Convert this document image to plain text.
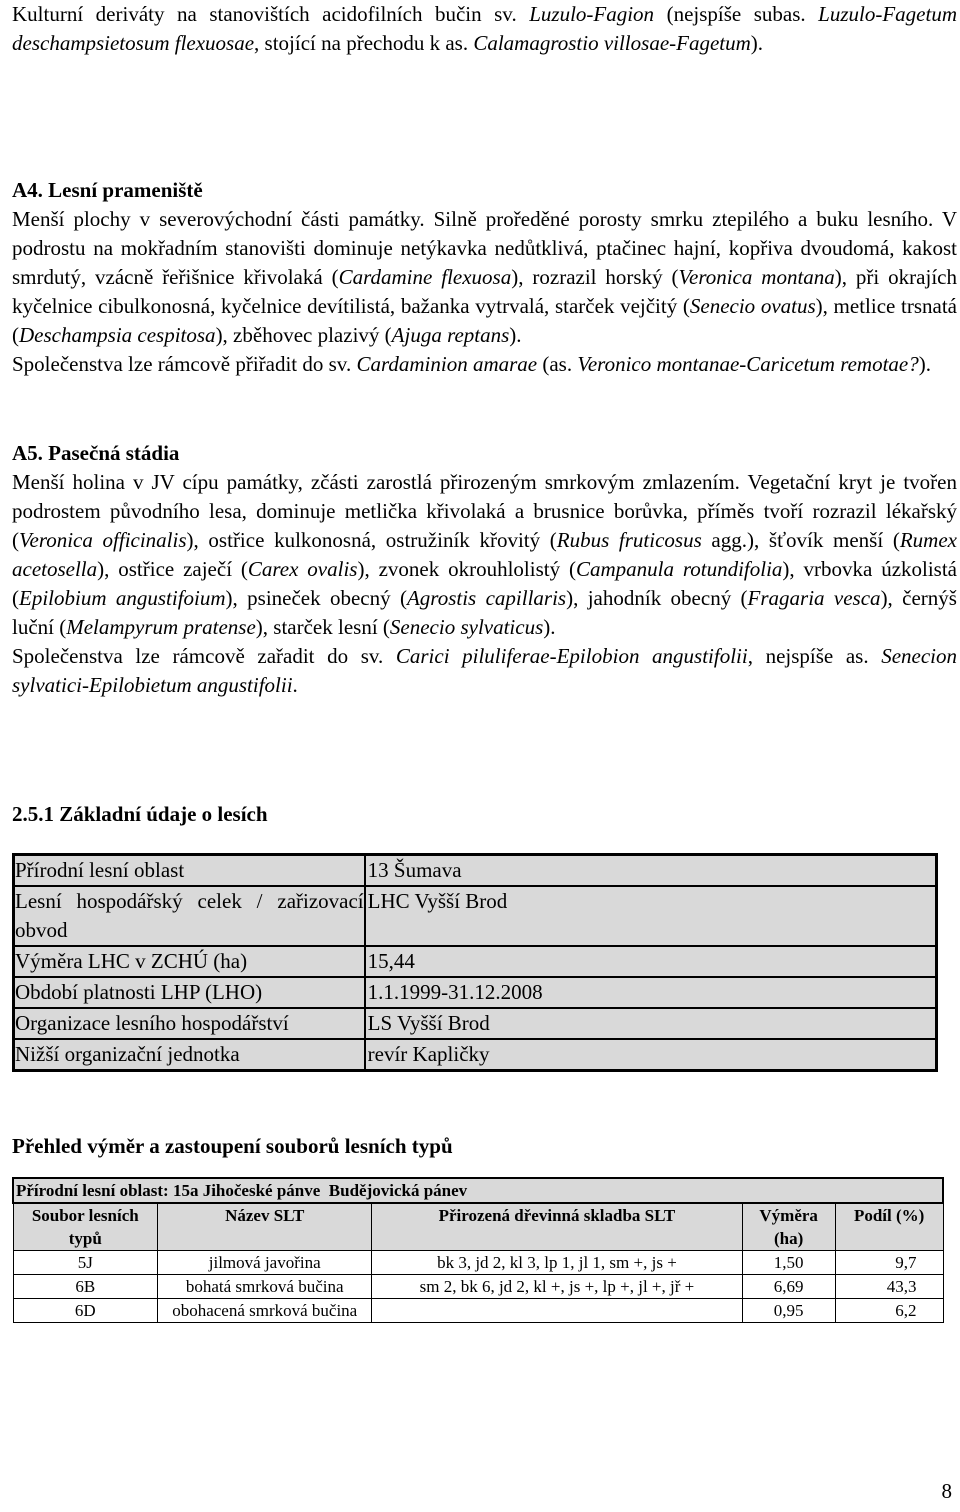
Kulturní deriváty na stanovištích acidofilních bučin sv. Luzulo-Fagion (nejspíše subas. Luzulo-Fagetum deschampsietosum flexuosae, stojící na přechodu k as. Calamagrostio villosae-Fagetum).

A4. Lesní prameniště

Menší plochy v severovýchodní části památky. Silně proředěné porosty smrku ztepilého a buku lesního. V podrostu na mokřadním stanovišti dominuje netýkavka nedůtklivá, ptačinec hajní, kopřiva dvoudomá, kakost smrdutý, vzácně řeřišnice křivolaká (Cardamine flexuosa), rozrazil horský (Veronica montana), při okrajích kyčelnice cibulkonosná, kyčelnice devítilistá, bažanka vytrvalá, starček vejčitý (Senecio ovatus), metlice trsnatá (Deschampsia cespitosa), zběhovec plazivý (Ajuga reptans).

Společenstva lze rámcově přiřadit do sv. Cardaminion amarae (as. Veronico montanae-Caricetum remotae?).

A5. Pasečná stádia

Menší holina v JV cípu památky, zčásti zarostlá přirozeným smrkovým zmlazením. Vegetační kryt je tvořen podrostem původního lesa, dominuje metlička křivolaká a brusnice borůvka, příměs tvoří rozrazil lékařský (Veronica officinalis), ostřice kulkonosná, ostružiník křovitý (Rubus fruticosus agg.), šťovík menší (Rumex acetosella), ostřice zaječí (Carex ovalis), zvonek okrouhlolistý (Campanula rotundifolia), vrbovka úzkolistá (Epilobium angustifoium), psineček obecný (Agrostis capillaris), jahodník obecný (Fragaria vesca), černýš luční (Melampyrum pratense), starček lesní (Senecio sylvaticus).

Společenstva lze rámcově zařadit do sv. Carici piluliferae-Epilobion angustifolii, nejspíše as. Senecion sylvatici-Epilobietum angustifolii.

2.5.1 Základní údaje o lesích

Přírodní lesní oblast	13 Šumava
Lesní hospodářský celek / zařizovací obvod	LHC Vyšší Brod
Výměra LHC v ZCHÚ (ha)	15,44
Období platnosti LHP (LHO)	1.1.1999-31.12.2008
Organizace lesního hospodářství	LS Vyšší Brod
Nižší organizační jednotka	revír Kapličky

Přehled výměr a zastoupení souborů lesních typů

Přírodní lesní oblast: 15a Jihočeské pánve  Budějovická pánev				
Soubor lesních typů	Název SLT	Přirozená dřevinná skladba SLT	Výměra (ha)	Podíl (%)
5J	jilmová javořina	bk 3, jd 2, kl 3, lp 1, jl 1, sm +, js +	1,50	9,7
6B	bohatá smrková bučina	sm 2, bk 6, jd 2, kl +, js +, lp +, jl +, jř +	6,69	43,3
6D	obohacená smrková bučina		0,95	6,2
8
